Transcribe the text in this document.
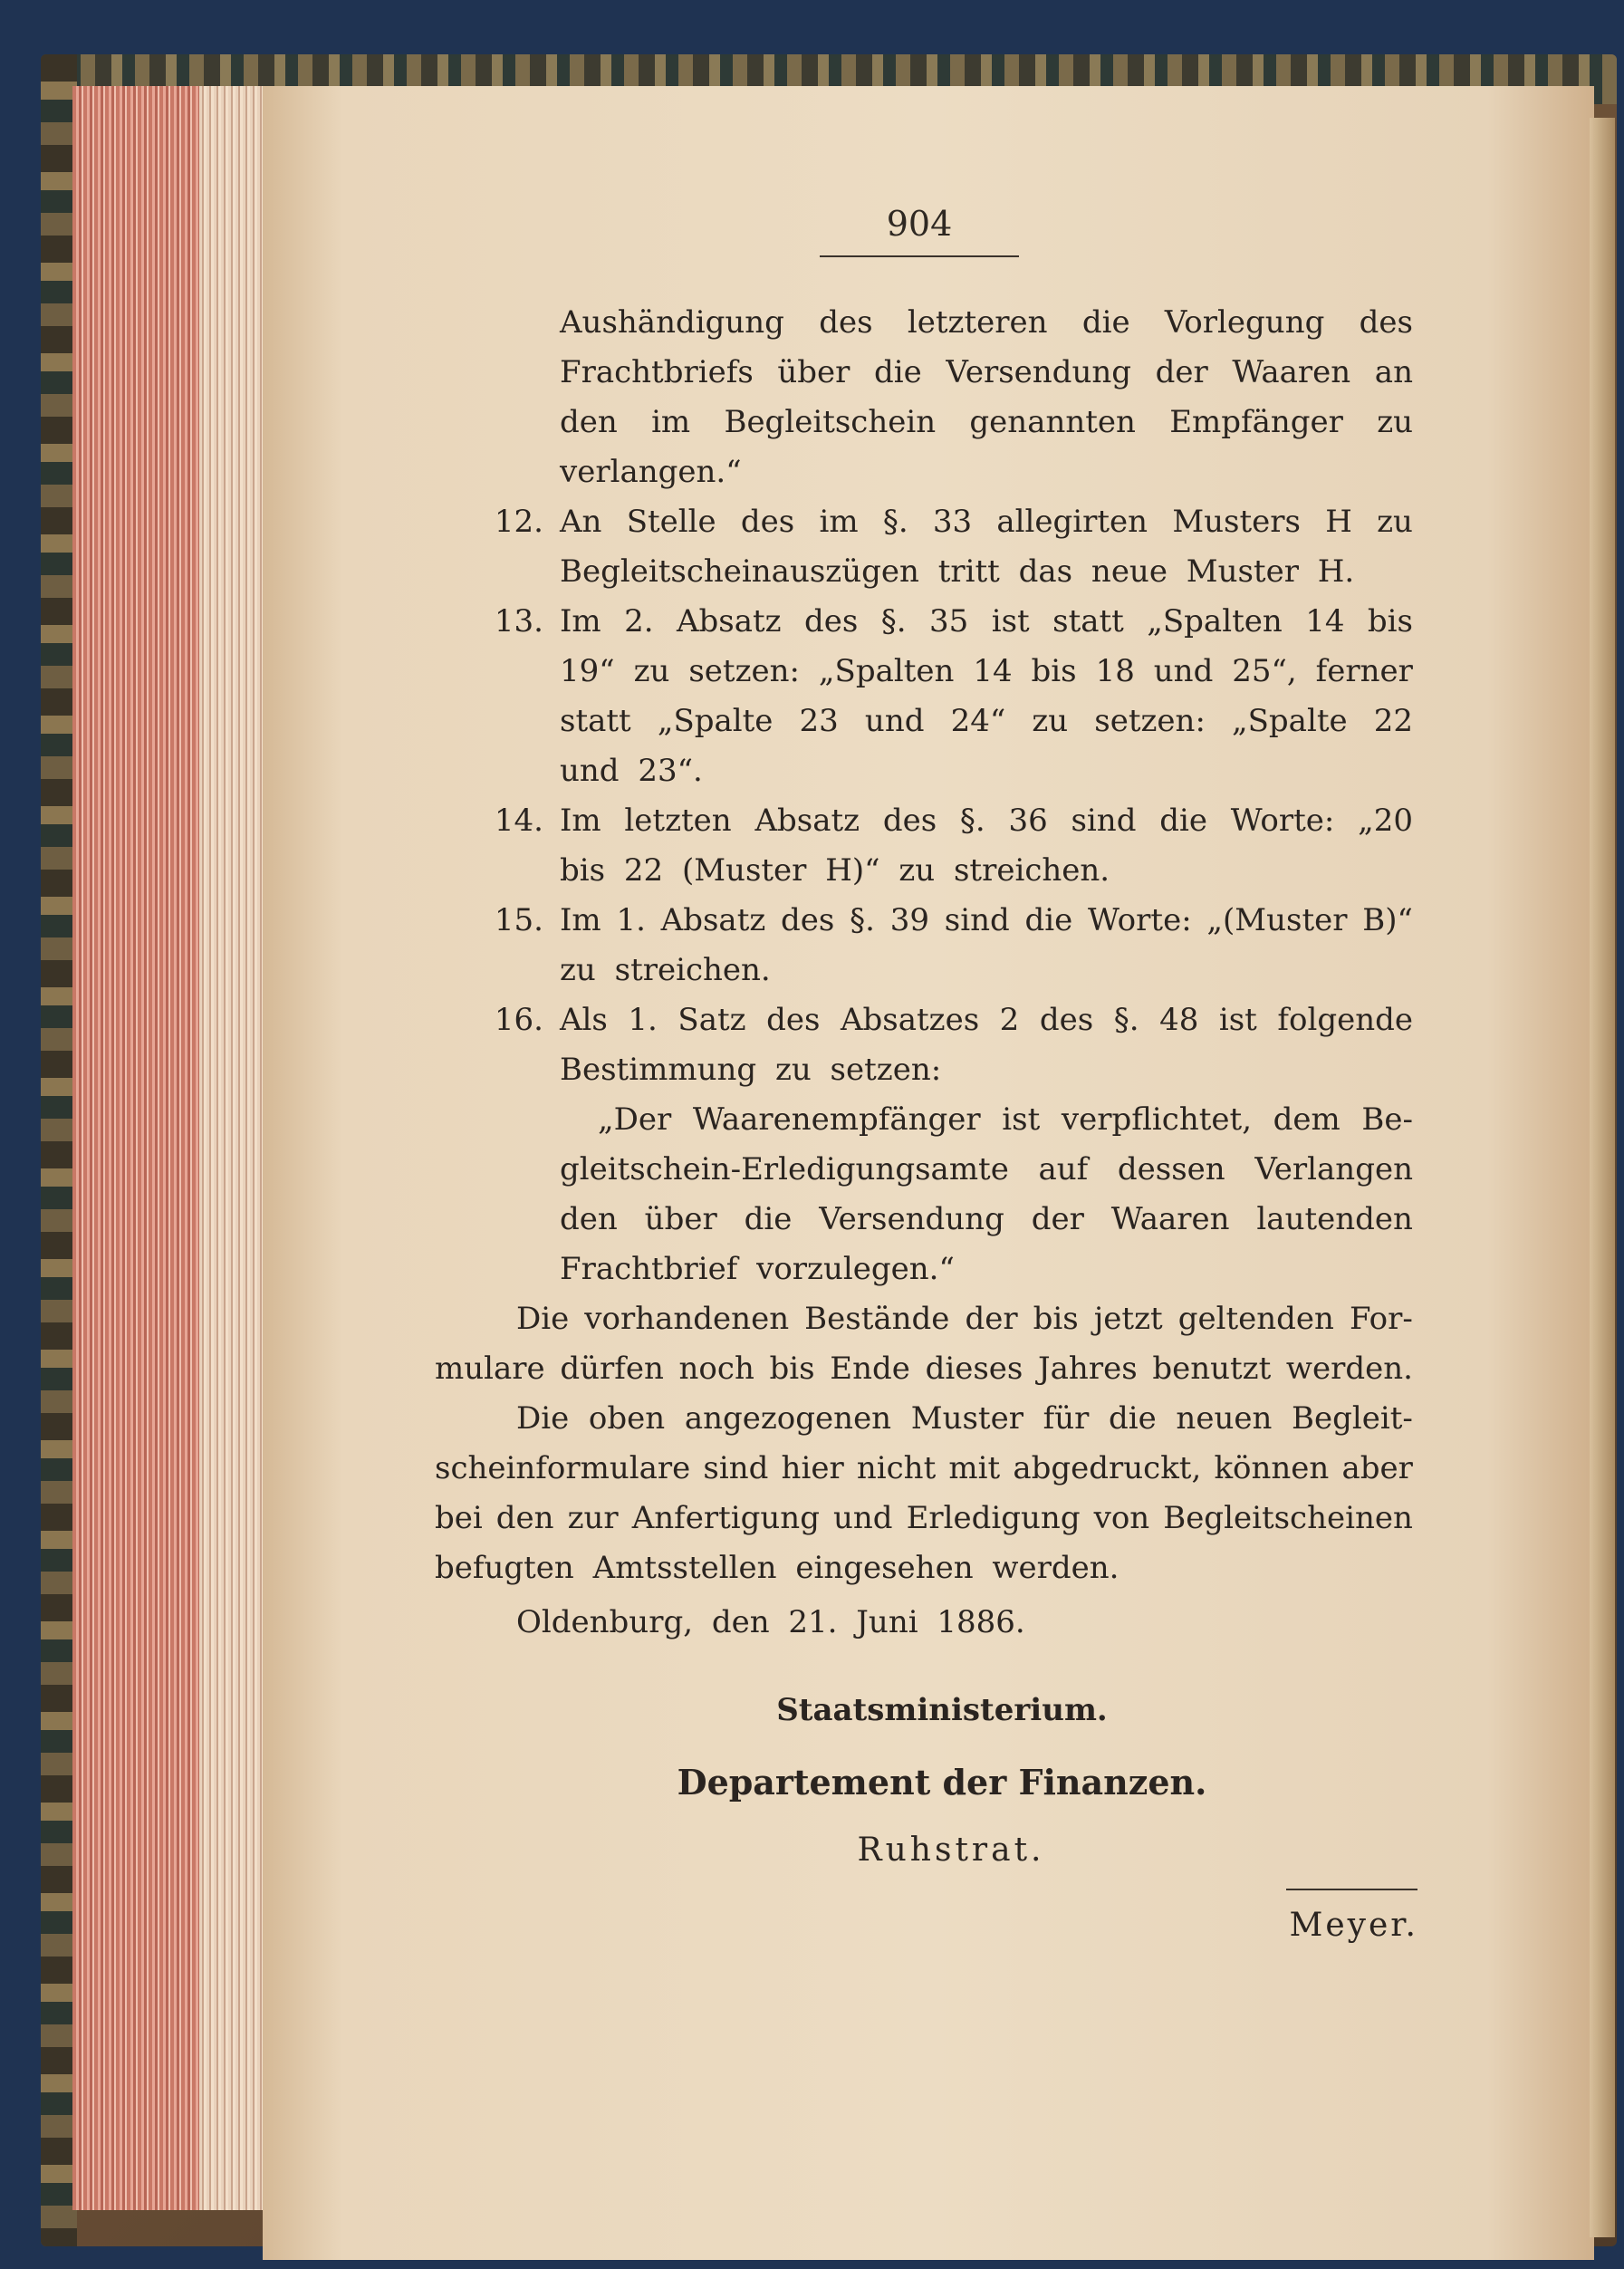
904
Aushändigung des letzteren die Vorlegung des
Frachtbriefs über die Versendung der Waaren an
den im Begleitschein genannten Empfänger zu
verlangen.“
12. An Stelle des im §. 33 allegirten Musters H zu
Begleitscheinauszügen tritt das neue Muster H.
13. Im 2. Absatz des §. 35 ist statt „Spalten 14 bis
19“ zu setzen: „Spalten 14 bis 18 und 25“, ferner
statt „Spalte 23 und 24“ zu setzen: „Spalte 22
und 23“.
14. Im letzten Absatz des §. 36 sind die Worte: „20
bis 22 (Muster H)“ zu streichen.
15. Im 1. Absatz des §. 39 sind die Worte: „(Muster B)“
zu streichen.
16. Als 1. Satz des Absatzes 2 des §. 48 ist folgende
Bestimmung zu setzen:
„Der Waarenempfänger ist verpflichtet, dem Be-
gleitschein-Erledigungsamte auf dessen Verlangen
den über die Versendung der Waaren lautenden
Frachtbrief vorzulegen.“
Die vorhandenen Bestände der bis jetzt geltenden For-
mulare dürfen noch bis Ende dieses Jahres benutzt werden.
Die oben angezogenen Muster für die neuen Begleit-
scheinformulare sind hier nicht mit abgedruckt, können aber
bei den zur Anfertigung und Erledigung von Begleitscheinen
befugten Amtsstellen eingesehen werden.
Oldenburg, den 21. Juni 1886.
Staatsministerium.
Departement der Finanzen.
Ruhstrat.
Meyer.
